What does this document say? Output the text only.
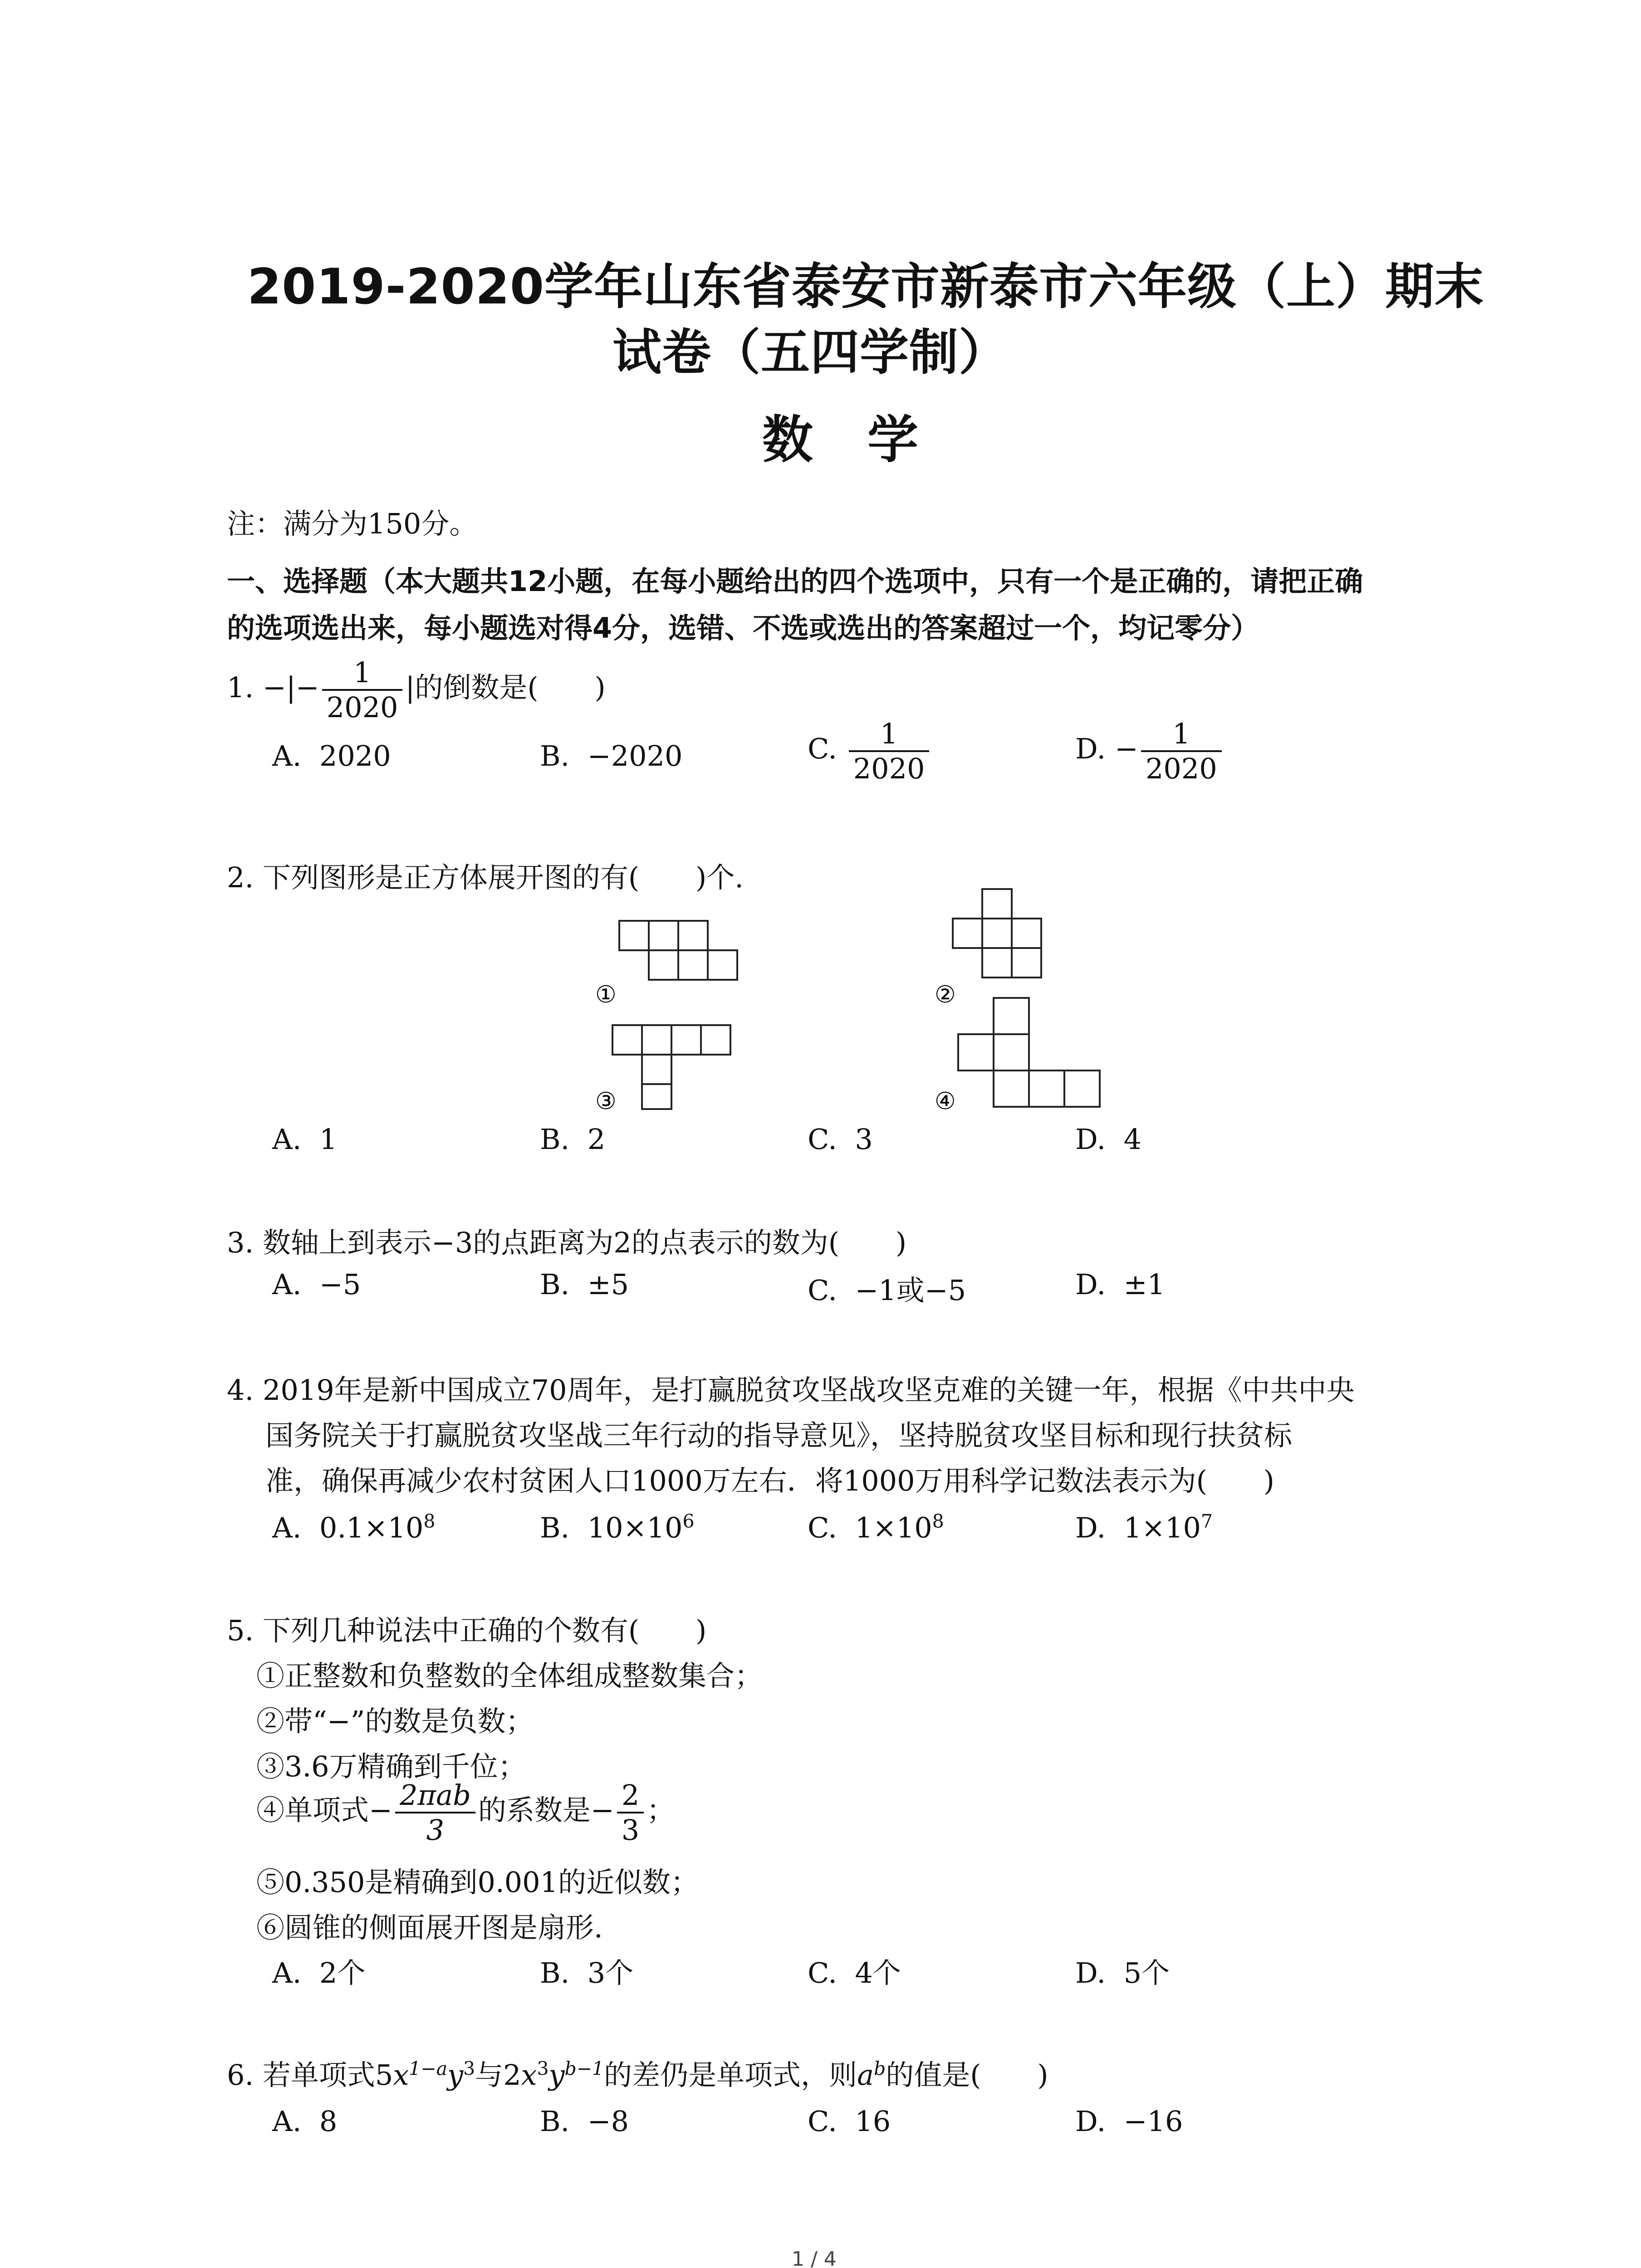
2019-2020学年山东省泰安市新泰市六年级（上）期末
试卷（五四学制）
数学
注：满分为150分。
一、选择题（本大题共12小题，在每小题给出的四个选项中，只有一个是正确的，请把正确
的选项选出来，每小题选对得4分，选错、不选或选出的答案超过一个，均记零分）
1. −|− $\frac{1}{2020}$ |的倒数是(　　)
A. 2020	B. −2020	C. $\frac{1}{2020}$	D. − $\frac{1}{2020}$
2. 下列图形是正方体展开图的有(　　)个.
①	②
③	④
A. 1	B. 2	C. 3	D. 4
3. 数轴上到表示−3的点距离为2的点表示的数为(　　)
A. −5	B. ±5	C. −1或−5	D. ±1
4. 2019年是新中国成立70周年，是打赢脱贫攻坚战攻坚克难的关键一年，根据《中共中央
国务院关于打赢脱贫攻坚战三年行动的指导意见》，坚持脱贫攻坚目标和现行扶贫标
准，确保再减少农村贫困人口1000万左右．将1000万用科学记数法表示为(　　)
A. $0.1\times 10^8$	B. $10\times 10^6$	C. $1\times 10^8$	D. $1\times 10^7$
5. 下列几种说法中正确的个数有(　　)
①正整数和负整数的全体组成整数集合；
②带“−”的数是负数；
③3.6万精确到千位；
④单项式− $\frac{\text{2πab}}{3}$ 的系数是− $\frac{2}{3}$ ；
⑤0.350是精确到0.001的近似数；
⑥圆锥的侧面展开图是扇形.
A. 2个	B. 3个	C. 4个	D. 5个
6. 若单项式$5x^{1-a}y^3$与$2x^3y^{b-1}$的差仍是单项式，则$a^b$的值是(　　)
A. 8	B. −8	C. 16	D. −16
1 / 4
